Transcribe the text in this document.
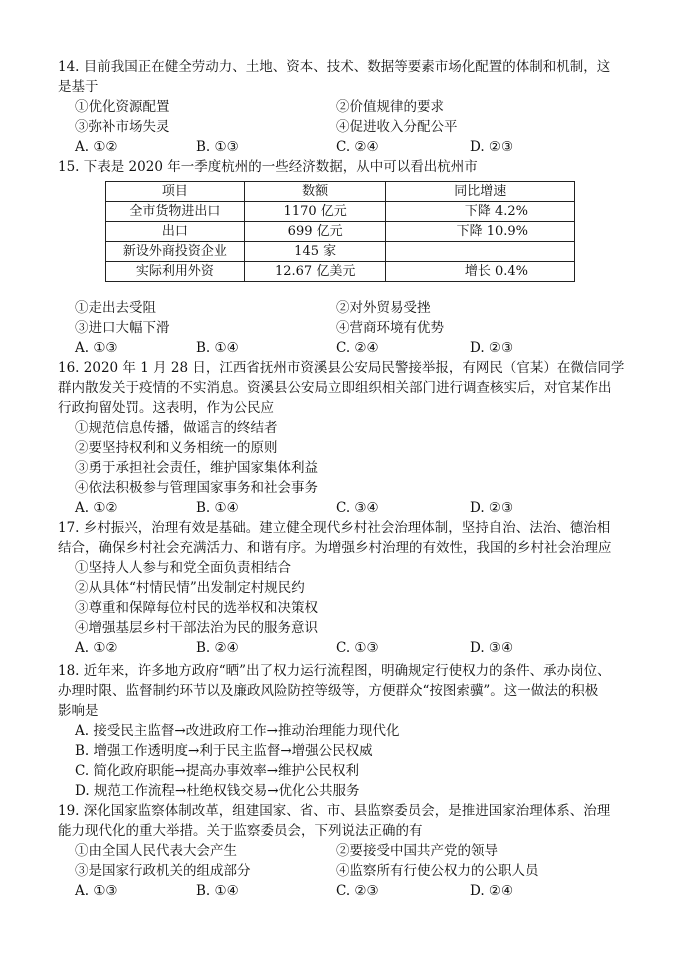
14. 目前我国正在健全劳动力、土地、资本、技术、数据等要素市场化配置的体制和机制，这
是基于
①优化资源配置	②价值规律的要求
③弥补市场失灵	④促进收入分配公平
A. ①②	B. ①③	C. ②④	D. ②③
15. 下表是 2020 年一季度杭州的一些经济数据，从中可以看出杭州市
项目	数额	同比增速
全市货物进出口	1170 亿元	下降 4.2%
出口	699 亿元	下降 10.9%
新设外商投资企业	145 家	
实际利用外资	12.67 亿美元	增长 0.4%
①走出去受阻	②对外贸易受挫
③进口大幅下滑	④营商环境有优势
A. ①③	B. ①④	C. ②④	D. ②③
16. 2020 年 1 月 28 日，江西省抚州市资溪县公安局民警接举报，有网民（官某）在微信同学
群内散发关于疫情的不实消息。资溪县公安局立即组织相关部门进行调查核实后，对官某作出
行政拘留处罚。这表明，作为公民应
①规范信息传播，做谣言的终结者
②要坚持权利和义务相统一的原则
③勇于承担社会责任，维护国家集体利益
④依法积极参与管理国家事务和社会事务
A. ①②	B. ①④	C. ③④	D. ②③
17. 乡村振兴，治理有效是基础。建立健全现代乡村社会治理体制，坚持自治、法治、德治相
结合，确保乡村社会充满活力、和谐有序。为增强乡村治理的有效性，我国的乡村社会治理应
①坚持人人参与和党全面负责相结合
②从具体“村情民情”出发制定村规民约
③尊重和保障每位村民的选举权和决策权
④增强基层乡村干部法治为民的服务意识
A. ①②	B. ②④	C. ①③	D. ③④
18. 近年来，许多地方政府“晒”出了权力运行流程图，明确规定行使权力的条件、承办岗位、
办理时限、监督制约环节以及廉政风险防控等级等，方便群众“按图索骥”。这一做法的积极
影响是
A. 接受民主监督→改进政府工作→推动治理能力现代化
B. 增强工作透明度→利于民主监督→增强公民权威
C. 简化政府职能→提高办事效率→维护公民权利
D. 规范工作流程→杜绝权钱交易→优化公共服务
19. 深化国家监察体制改革，组建国家、省、市、县监察委员会，是推进国家治理体系、治理
能力现代化的重大举措。关于监察委员会，下列说法正确的有
①由全国人民代表大会产生	②要接受中国共产党的领导
③是国家行政机关的组成部分	④监察所有行使公权力的公职人员
A. ①③	B. ①④	C. ②③	D. ②④
